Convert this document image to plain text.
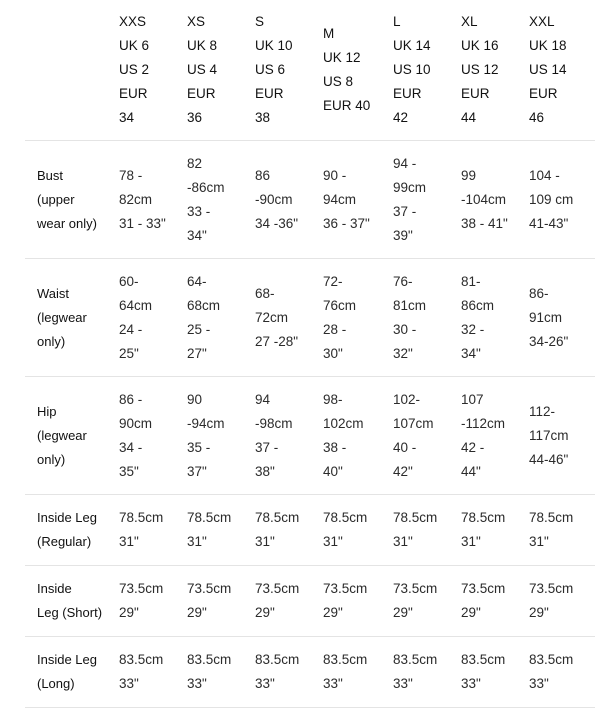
XXS
UK 6
US 2
EUR
34
XS
UK 8
US 4
EUR
36
S
UK 10
US 6
EUR
38
M
UK 12
US 8
EUR 40
L
UK 14
US 10
EUR
42
XL
UK 16
US 12
EUR
44
XXL
UK 18
US 14
EUR
46
Bust
(upper
wear only)
78 -
82cm
31 - 33"
82
-86cm
33 -
34"
86
-90cm
34 -36"
90 -
94cm
36 - 37"
94 -
99cm
37 -
39"
99
-104cm
38 - 41"
104 -
109 cm
41-43"
Waist
(legwear
only)
60-
64cm
24 -
25"
64-
68cm
25 -
27"
68-
72cm
27 -28"
72-
76cm
28 -
30"
76-
81cm
30 -
32"
81-
86cm
32 -
34"
86-
91cm
34-26"
Hip
(legwear
only)
86 -
90cm
34 -
35"
90
-94cm
35 -
37"
94
-98cm
37 -
38"
98-
102cm
38 -
40"
102-
107cm
40 -
42"
107
-112cm
42 -
44"
112-
117cm
44-46"
Inside Leg
(Regular)
78.5cm
31"
78.5cm
31"
78.5cm
31"
78.5cm
31"
78.5cm
31"
78.5cm
31"
78.5cm
31"
Inside
Leg (Short)
73.5cm
29"
73.5cm
29"
73.5cm
29"
73.5cm
29"
73.5cm
29"
73.5cm
29"
73.5cm
29"
Inside Leg
(Long)
83.5cm
33"
83.5cm
33"
83.5cm
33"
83.5cm
33"
83.5cm
33"
83.5cm
33"
83.5cm
33"
